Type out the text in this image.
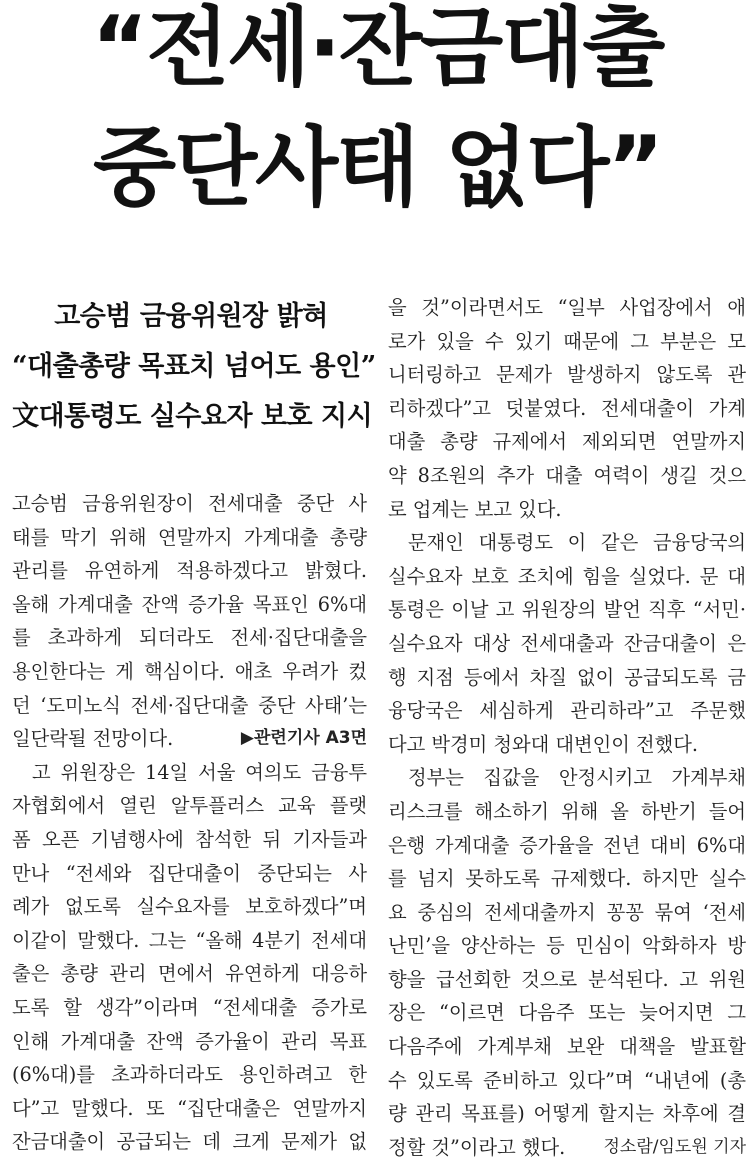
“전세·잔금대출
중단사태 없다”
고승범 금융위원장 밝혀
“대출총량 목표치 넘어도 용인”
文대통령도 실수요자 보호 지시
고승범 금융위원장이 전세대출 중단 사
태를 막기 위해 연말까지 가계대출 총량
관리를 유연하게 적용하겠다고 밝혔다.
올해 가계대출 잔액 증가율 목표인 6%대
를 초과하게 되더라도 전세·집단대출을
용인한다는 게 핵심이다. 애초 우려가 컸
던 ‘도미노식 전세·집단대출 중단 사태’는
일단락될 전망이다.	▶관련기사 A3면
고 위원장은 14일 서울 여의도 금융투
자협회에서 열린 알투플러스 교육 플랫
폼 오픈 기념행사에 참석한 뒤 기자들과
만나 “전세와 집단대출이 중단되는 사
례가 없도록 실수요자를 보호하겠다”며
이같이 말했다. 그는 “올해 4분기 전세대
출은 총량 관리 면에서 유연하게 대응하
도록 할 생각”이라며 “전세대출 증가로
인해 가계대출 잔액 증가율이 관리 목표
(6%대)를 초과하더라도 용인하려고 한
다”고 말했다. 또 “집단대출은 연말까지
잔금대출이 공급되는 데 크게 문제가 없
을 것”이라면서도 “일부 사업장에서 애
로가 있을 수 있기 때문에 그 부분은 모
니터링하고 문제가 발생하지 않도록 관
리하겠다”고 덧붙였다. 전세대출이 가계
대출 총량 규제에서 제외되면 연말까지
약 8조원의 추가 대출 여력이 생길 것으
로 업계는 보고 있다.
문재인 대통령도 이 같은 금융당국의
실수요자 보호 조치에 힘을 실었다. 문 대
통령은 이날 고 위원장의 발언 직후 “서민·
실수요자 대상 전세대출과 잔금대출이 은
행 지점 등에서 차질 없이 공급되도록 금
융당국은 세심하게 관리하라”고 주문했
다고 박경미 청와대 대변인이 전했다.
정부는 집값을 안정시키고 가계부채
리스크를 해소하기 위해 올 하반기 들어
은행 가계대출 증가율을 전년 대비 6%대
를 넘지 못하도록 규제했다. 하지만 실수
요 중심의 전세대출까지 꽁꽁 묶여 ‘전세
난민’을 양산하는 등 민심이 악화하자 방
향을 급선회한 것으로 분석된다. 고 위원
장은 “이르면 다음주 또는 늦어지면 그
다음주에 가계부채 보완 대책을 발표할
수 있도록 준비하고 있다”며 “내년에 (총
량 관리 목표를) 어떻게 할지는 차후에 결
정할 것”이라고 했다. 정소람/임도원 기자
